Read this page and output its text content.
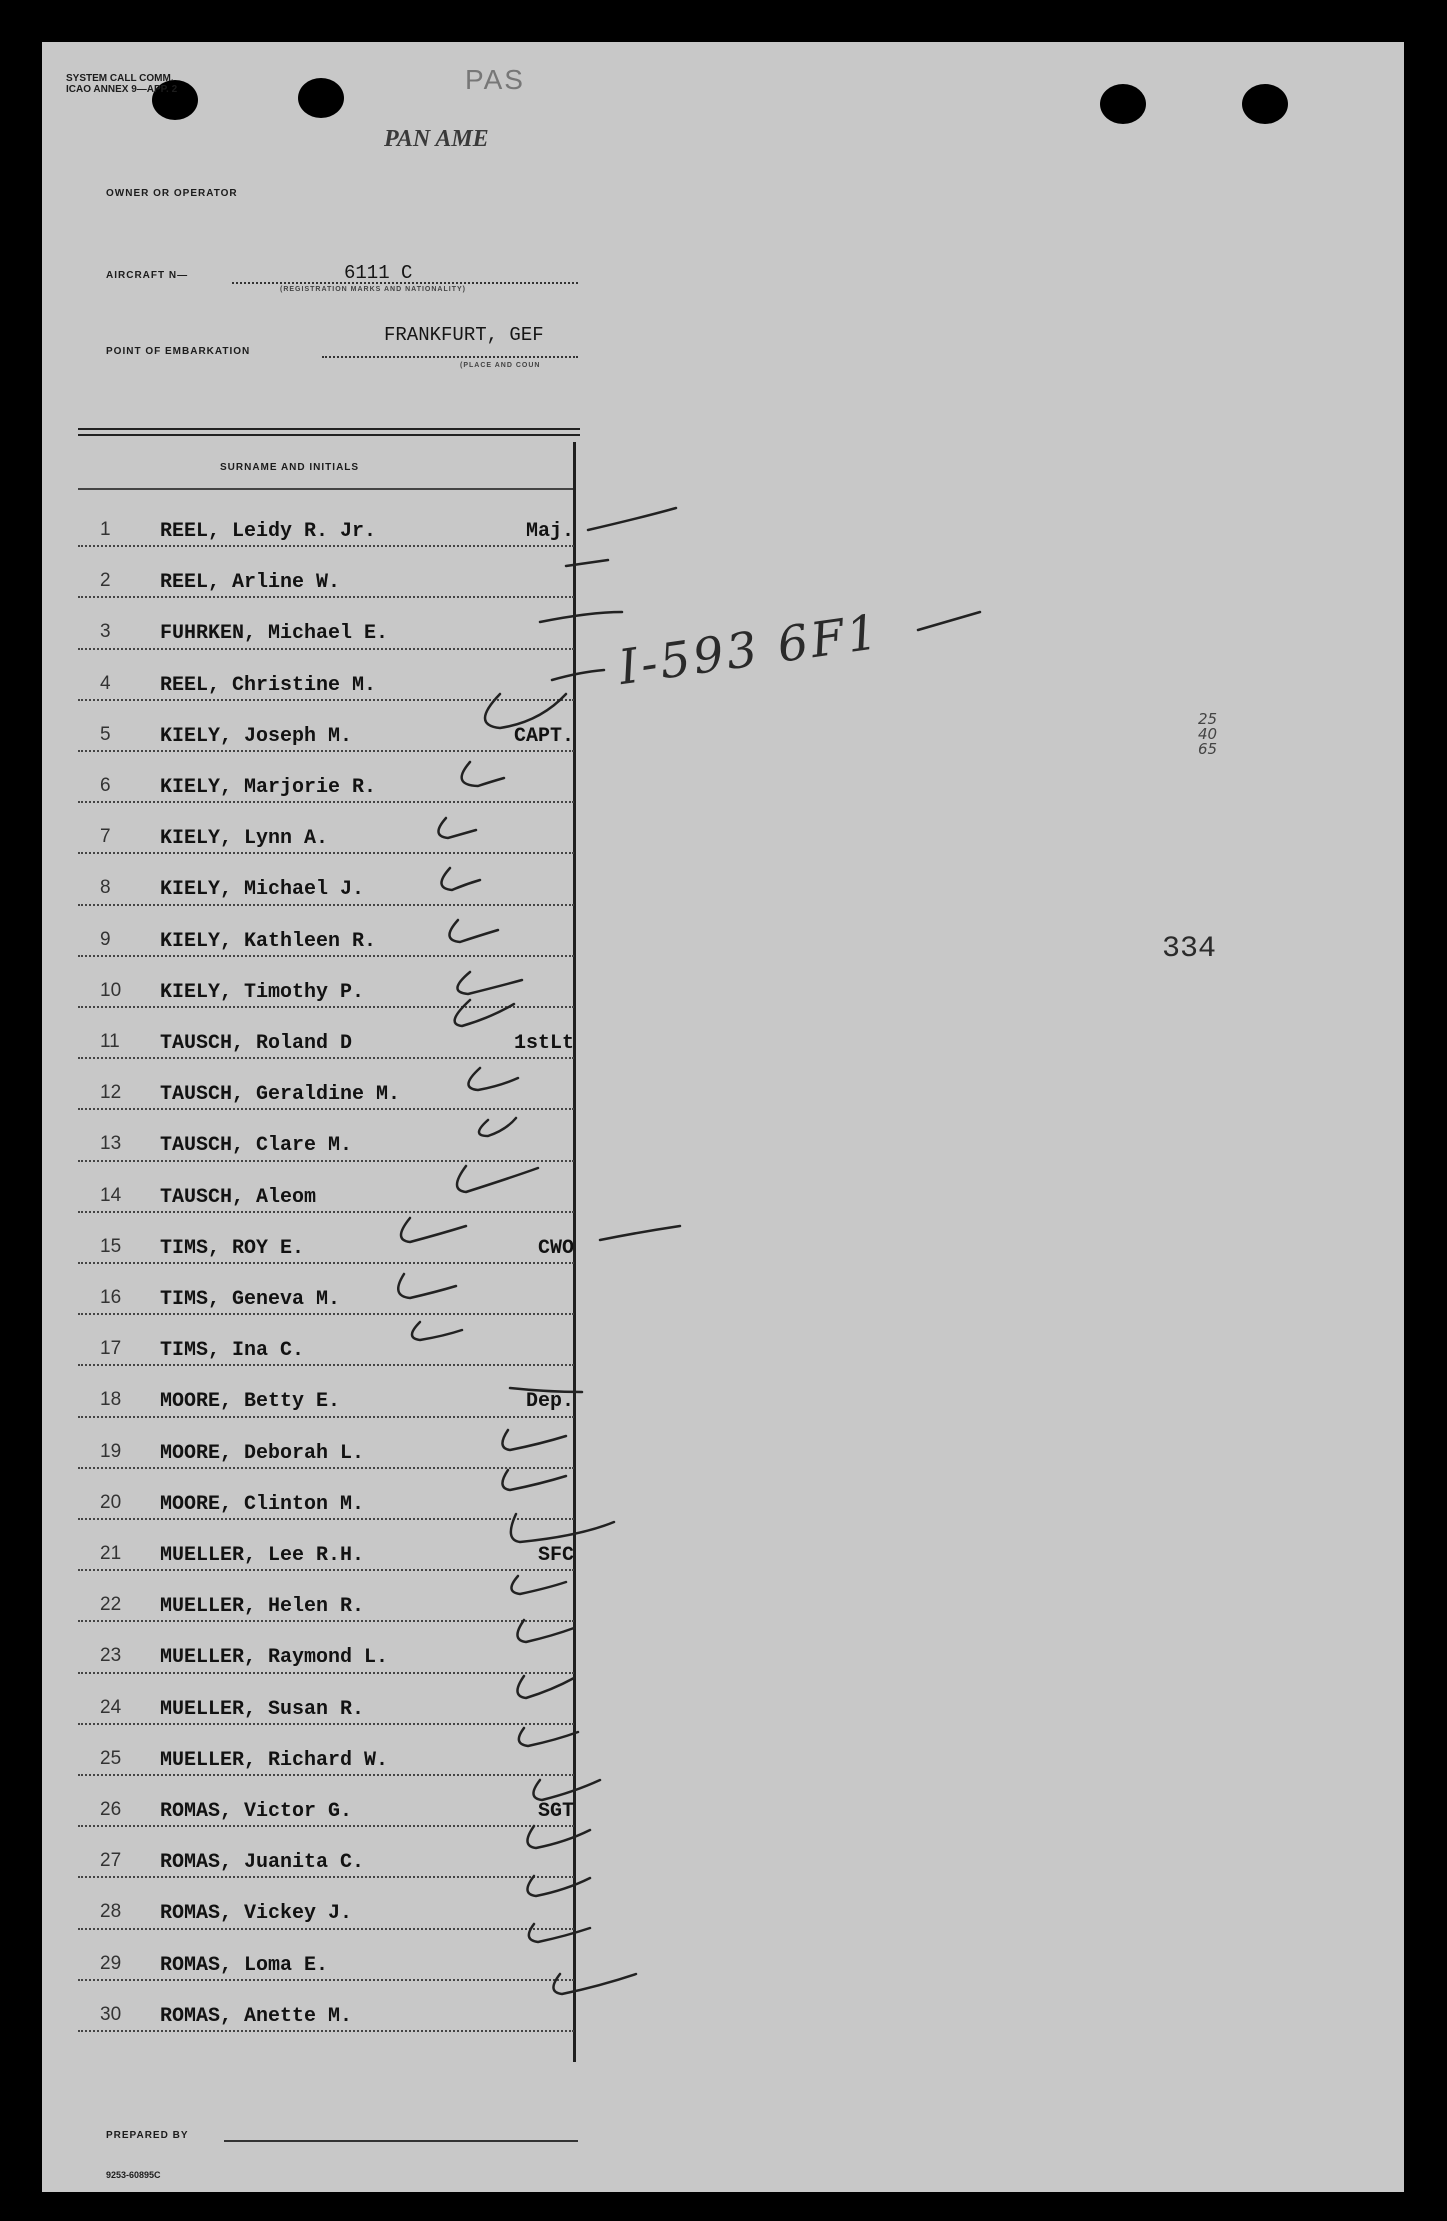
SYSTEM CALL COMM.
ICAO ANNEX 9—APP. 2	PAS
OWNER OR OPERATOR
PAN AME
AIRCRAFT N—	6111 C
(REGISTRATION MARKS AND NATIONALITY)
POINT OF EMBARKATION
FRANKFURT, GEF
(PLACE AND COUN
SURNAME AND INITIALS
1 REEL, Leidy R. Jr.	Maj.
2 REEL, Arline W.
3 FUHRKEN, Michael E.
4 REEL, Christine M.
5 KIELY, Joseph M.	CAPT.
6 KIELY, Marjorie R.
7 KIELY, Lynn A.
8 KIELY, Michael J.
9 KIELY, Kathleen R.
10 KIELY, Timothy P.
11 TAUSCH, Roland D	1stLt
12 TAUSCH, Geraldine M.
13 TAUSCH, Clare M.
14 TAUSCH, Aleom
15 TIMS, ROY E.	CWO
16 TIMS, Geneva M.
17 TIMS, Ina C.
18 MOORE, Betty E.	Dep.
19 MOORE, Deborah L.
20 MOORE, Clinton M.
21 MUELLER, Lee R.H.	SFC
22 MUELLER, Helen R.
23 MUELLER, Raymond L.
24 MUELLER, Susan R.
25 MUELLER, Richard W.
26 ROMAS, Victor G.	SGT
27 ROMAS, Juanita C.
28 ROMAS, Vickey J.
29 ROMAS, Loma E.
30 ROMAS, Anette M.
I-593 6F1
334
25
40
65
PREPARED BY
9253-60895C
